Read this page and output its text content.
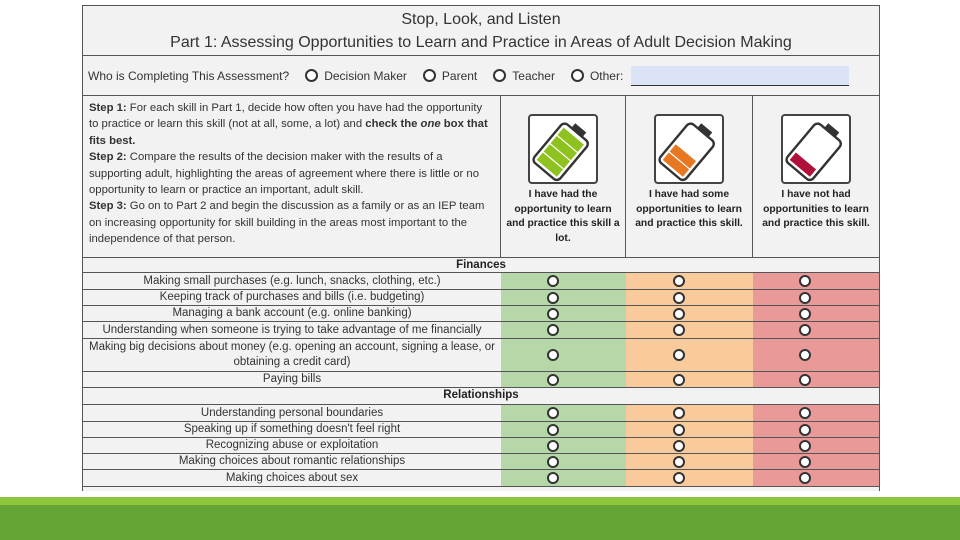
Stop, Look, and Listen
Part 1: Assessing Opportunities to Learn and Practice in Areas of Adult Decision Making
Who is Completing This Assessment?	Decision Maker	Parent	Teacher	Other:
Step 1: For each skill in Part 1, decide how often you have had the opportunity to practice or learn this skill (not at all, some, a lot) and check the one box that fits best.
Step 2: Compare the results of the decision maker with the results of a supporting adult, highlighting the areas of agreement where there is little or no opportunity to learn or practice an important, adult skill.
Step 3: Go on to Part 2 and begin the discussion as a family or as an IEP team on increasing opportunity for skill building in the areas most important to the independence of that person.
I have had the opportunity to learn and practice this skill a lot.
I have had some opportunities to learn and practice this skill.
I have not had opportunities to learn and practice this skill.
Finances
Making small purchases (e.g. lunch, snacks, clothing, etc.)
Keeping track of purchases and bills (i.e. budgeting)
Managing a bank account (e.g. online banking)
Understanding when someone is trying to take advantage of me financially
Making big decisions about money (e.g. opening an account, signing a lease, or obtaining a credit card)
Paying bills
Relationships
Understanding personal boundaries
Speaking up if something doesn't feel right
Recognizing abuse or exploitation
Making choices about romantic relationships
Making choices about sex
